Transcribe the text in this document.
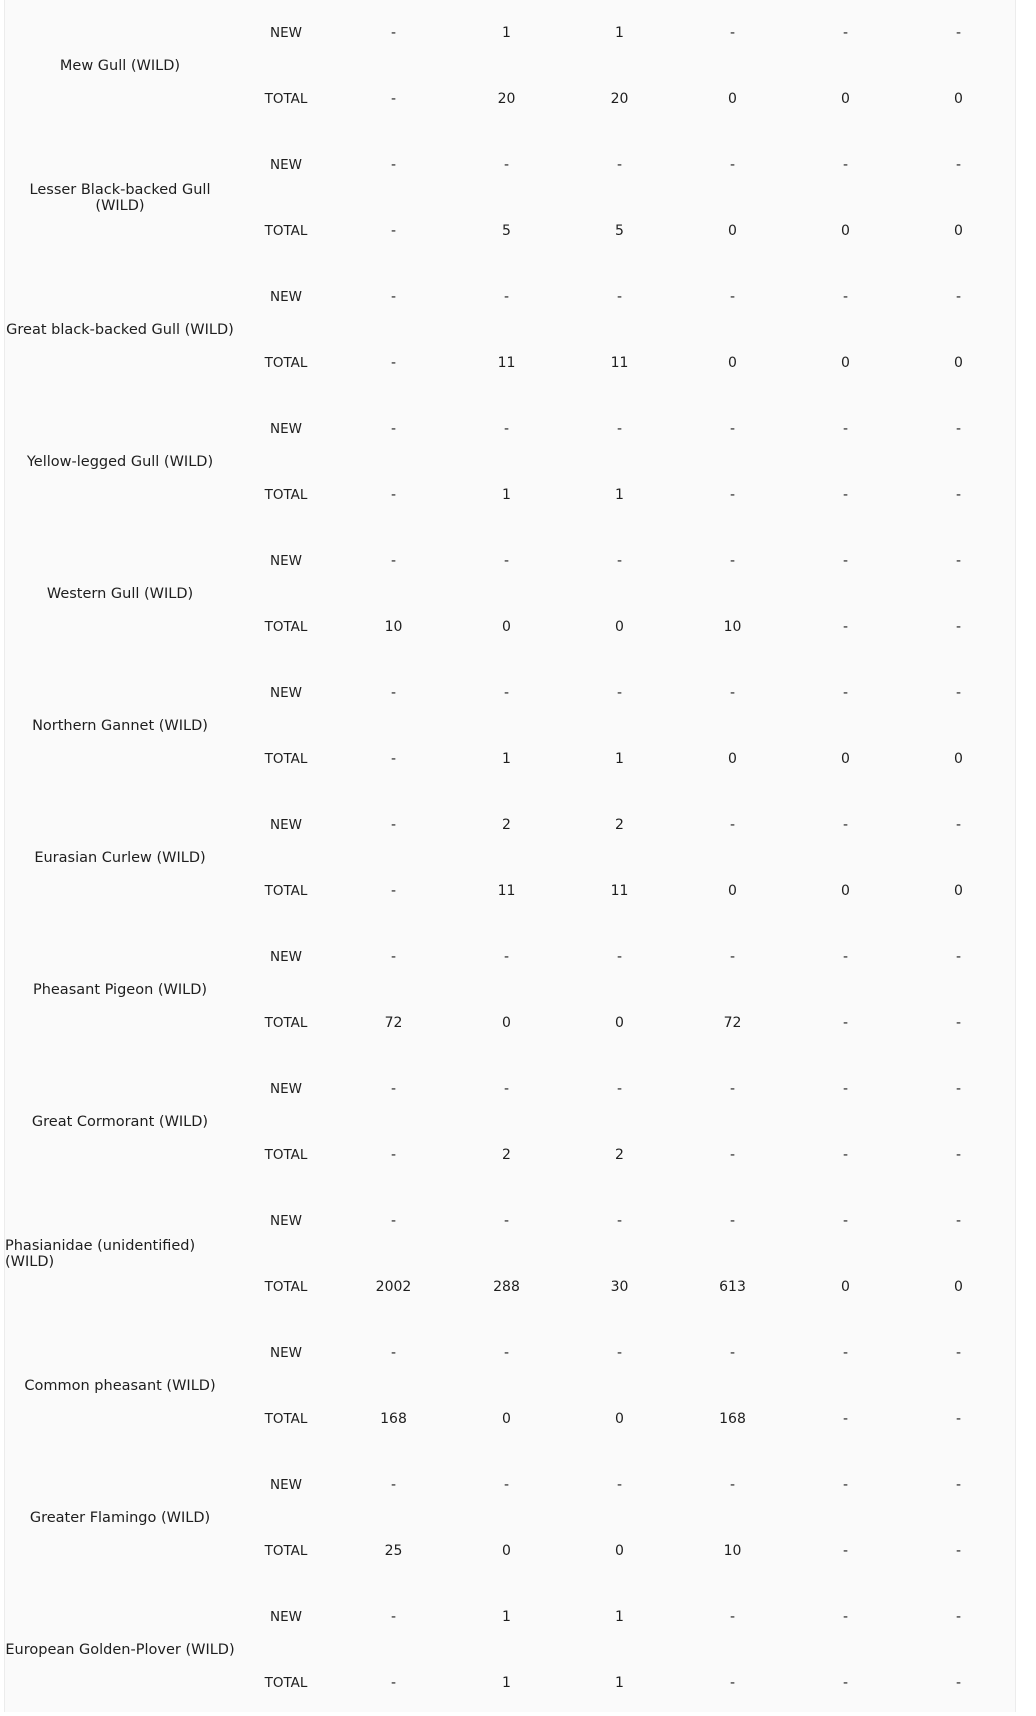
Mew Gull (WILD)	NEW	-	1	1	-	-	-
	TOTAL	-	20	20	0	0	0
Lesser Black-backed Gull (WILD)	NEW	-	-	-	-	-	-
	TOTAL	-	5	5	0	0	0
Great black-backed Gull (WILD)	NEW	-	-	-	-	-	-
	TOTAL	-	11	11	0	0	0
Yellow-legged Gull (WILD)	NEW	-	-	-	-	-	-
	TOTAL	-	1	1	-	-	-
Western Gull (WILD)	NEW	-	-	-	-	-	-
	TOTAL	10	0	0	10	-	-
Northern Gannet (WILD)	NEW	-	-	-	-	-	-
	TOTAL	-	1	1	0	0	0
Eurasian Curlew (WILD)	NEW	-	2	2	-	-	-
	TOTAL	-	11	11	0	0	0
Pheasant Pigeon (WILD)	NEW	-	-	-	-	-	-
	TOTAL	72	0	0	72	-	-
Great Cormorant (WILD)	NEW	-	-	-	-	-	-
	TOTAL	-	2	2	-	-	-
Phasianidae (unidentified) (WILD)	NEW	-	-	-	-	-	-
	TOTAL	2002	288	30	613	0	0
Common pheasant (WILD)	NEW	-	-	-	-	-	-
	TOTAL	168	0	0	168	-	-
Greater Flamingo (WILD)	NEW	-	-	-	-	-	-
	TOTAL	25	0	0	10	-	-
European Golden-Plover (WILD)	NEW	-	1	1	-	-	-
	TOTAL	-	1	1	-	-	-
